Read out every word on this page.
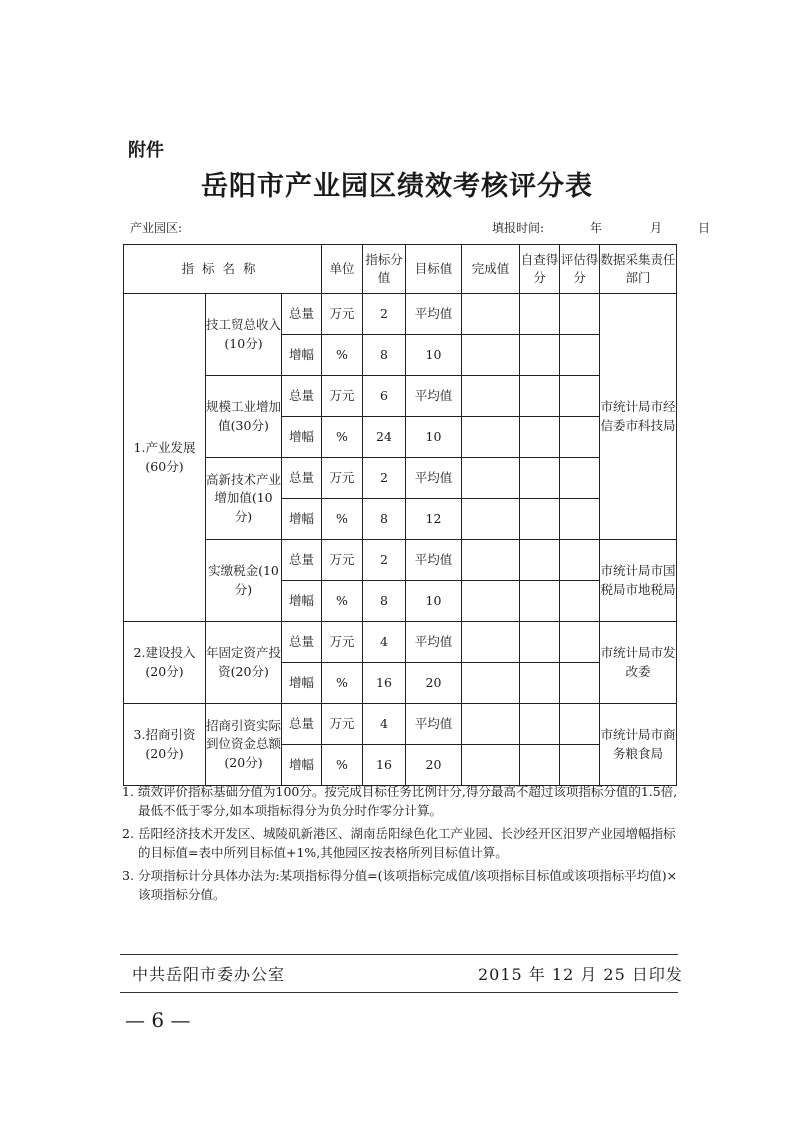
附件
岳阳市产业园区绩效考核评分表
产业园区:	填报时间:	年	月	日
指标名称			单位	指标分值	目标值	完成值	自查得分	评估得分	数据采集责任部门
1.产业发展(60分)	技工贸总收入(10分)	总量	万元	2	平均值				市统计局市经信委市科技局
		增幅	%	8	10				
	规模工业增加值(30分)	总量	万元	6	平均值				
		增幅	%	24	10				
	高新技术产业增加值(10分)	总量	万元	2	平均值				
		增幅	%	8	12				
	实缴税金(10分)	总量	万元	2	平均值				市统计局市国税局市地税局
		增幅	%	8	10				
2.建设投入(20分)	年固定资产投资(20分)	总量	万元	4	平均值				市统计局市发改委
		增幅	%	16	20				
3.招商引资(20分)	招商引资实际到位资金总额(20分)	总量	万元	4	平均值				市统计局市商务粮食局
		增幅	%	16	20				
1. 绩效评价指标基础分值为100分。按完成目标任务比例计分,得分最高不超过该项指标分值的1.5倍,最低不低于零分,如本项指标得分为负分时作零分计算。
2. 岳阳经济技术开发区、城陵矶新港区、湖南岳阳绿色化工产业园、长沙经开区汨罗产业园增幅指标的目标值=表中所列目标值+1%,其他园区按表格所列目标值计算。
3. 分项指标计分具体办法为:某项指标得分值=(该项指标完成值/该项指标目标值或该项指标平均值)×该项指标分值。
中共岳阳市委办公室	2015 年 12 月 25 日印发
— 6 —
